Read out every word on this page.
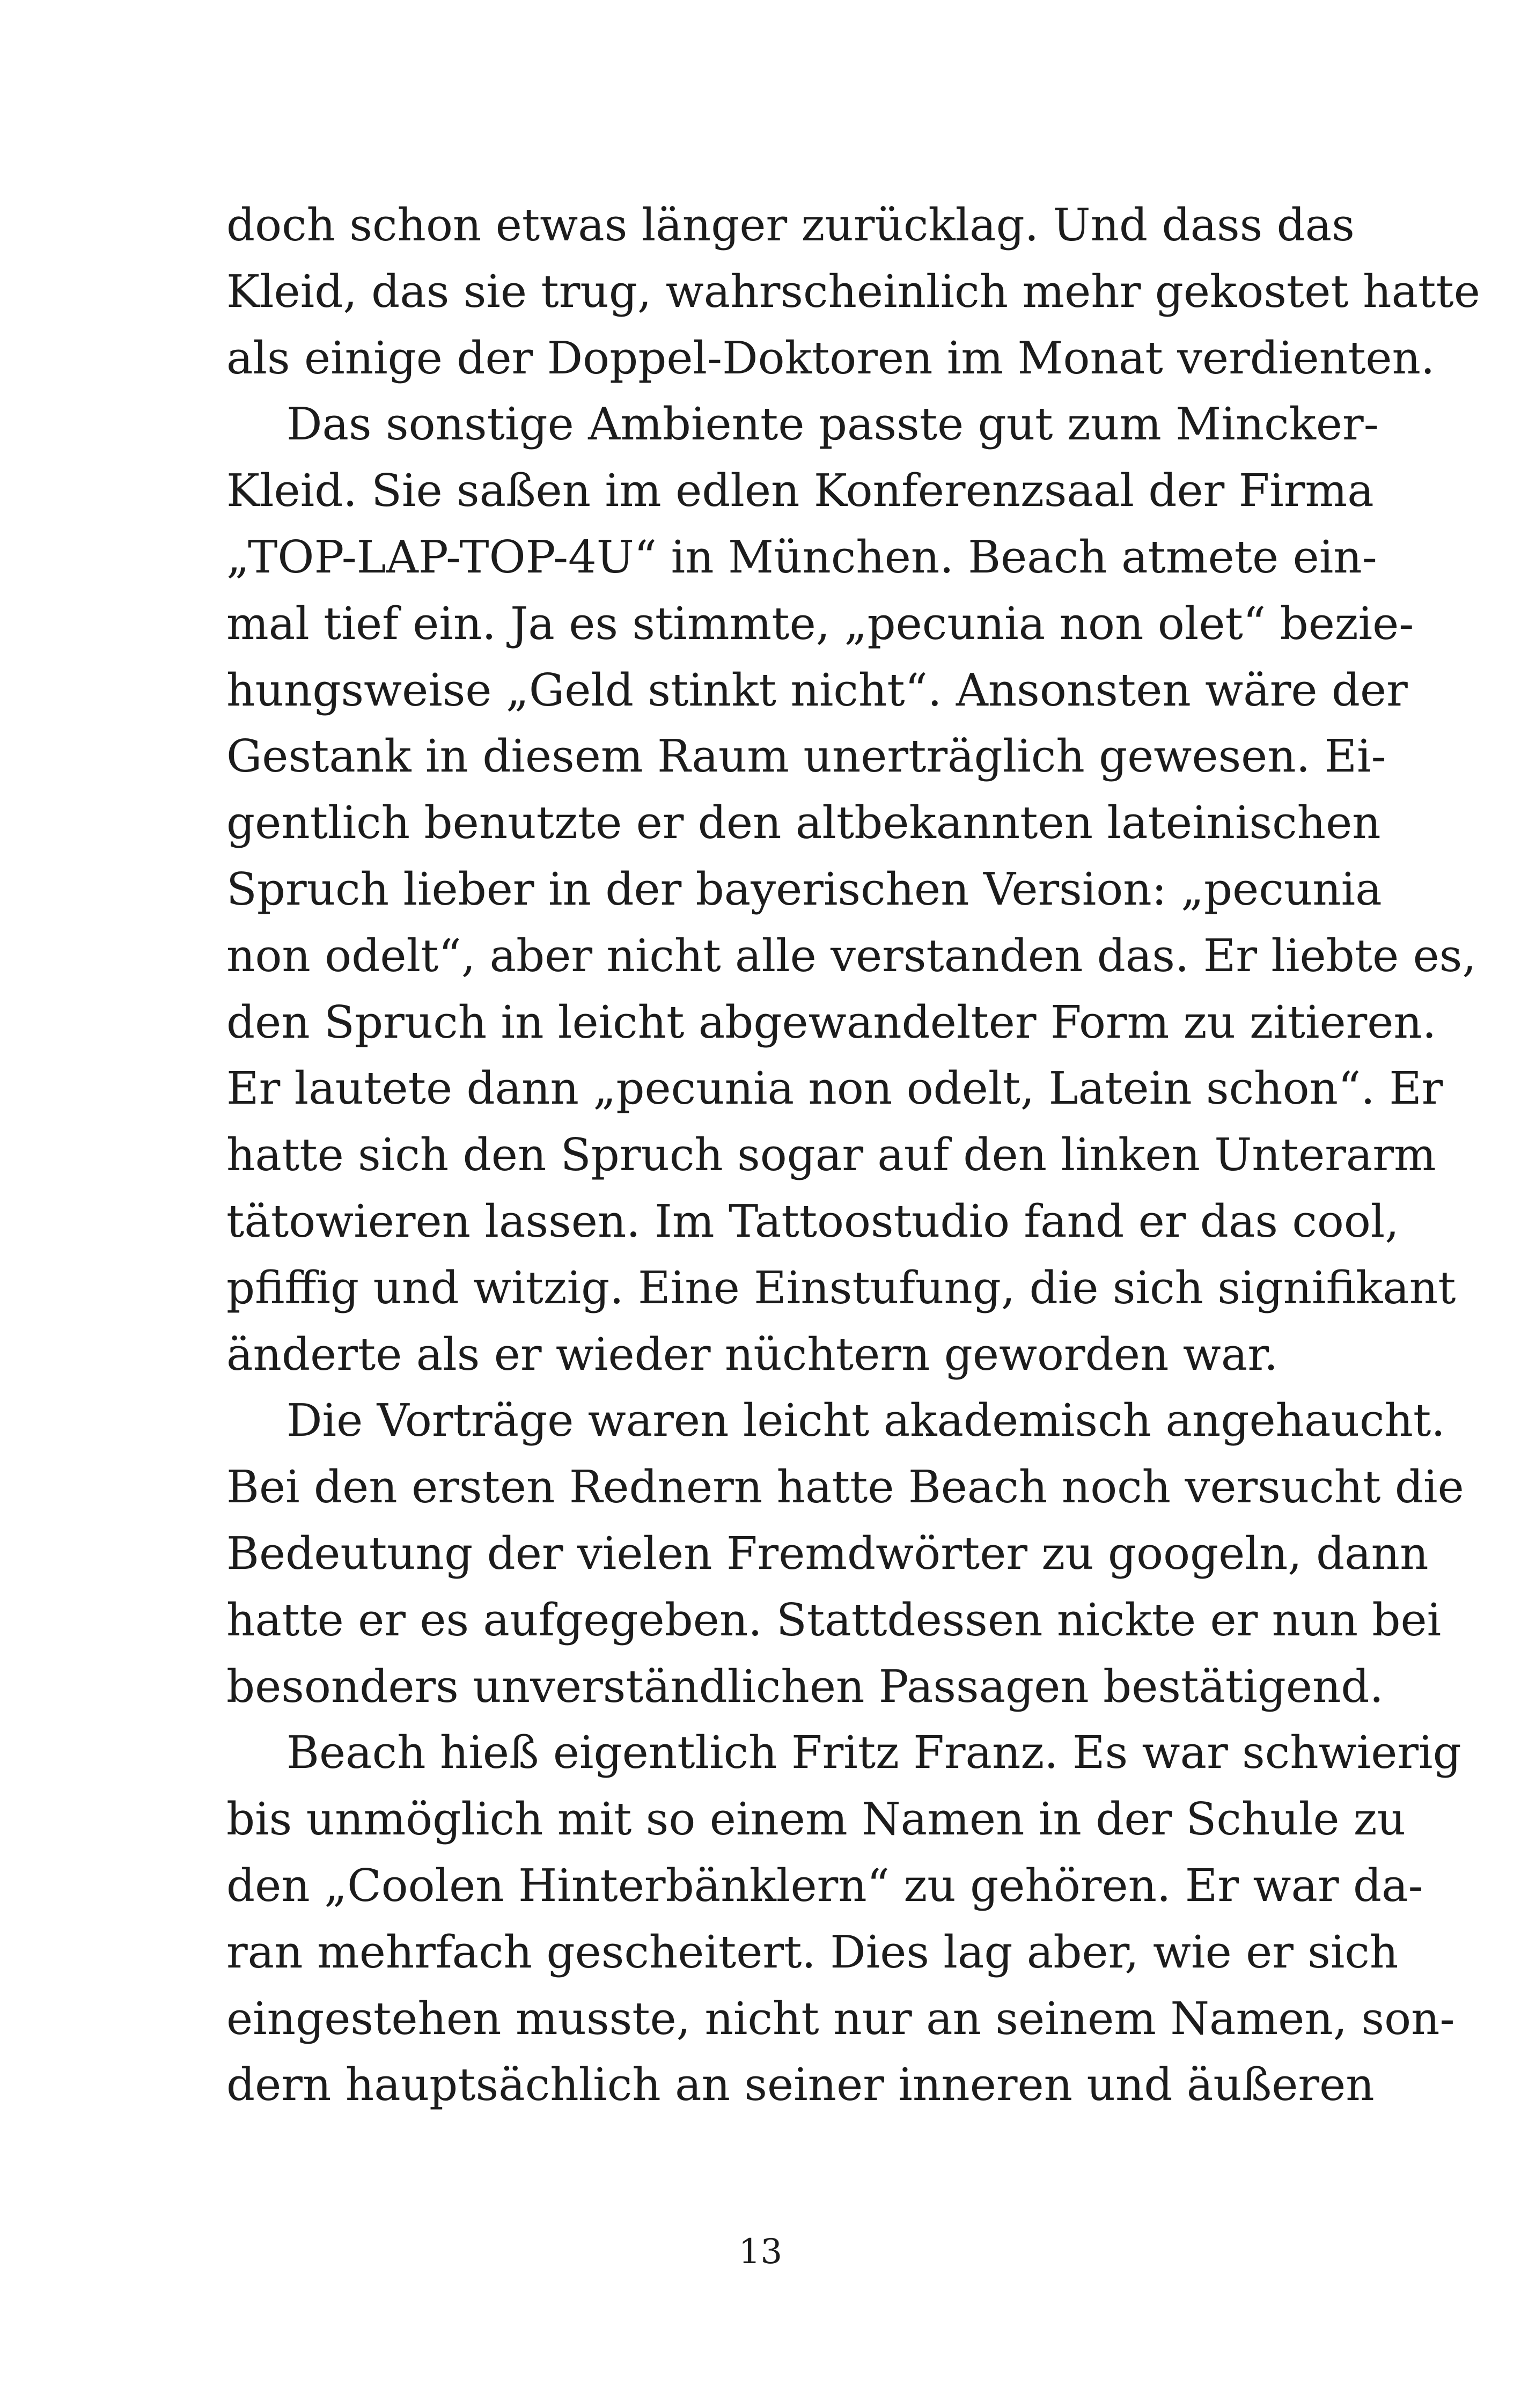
doch schon etwas länger zurücklag. Und dass das
Kleid, das sie trug, wahrscheinlich mehr gekostet hatte
als einige der Doppel-Doktoren im Monat verdienten.
Das sonstige Ambiente passte gut zum Mincker-
Kleid. Sie saßen im edlen Konferenzsaal der Firma
„TOP-LAP-TOP-4U“ in München. Beach atmete ein-
mal tief ein. Ja es stimmte, „pecunia non olet“ bezie-
hungsweise „Geld stinkt nicht“. Ansonsten wäre der
Gestank in diesem Raum unerträglich gewesen. Ei-
gentlich benutzte er den altbekannten lateinischen
Spruch lieber in der bayerischen Version: „pecunia
non odelt“, aber nicht alle verstanden das. Er liebte es,
den Spruch in leicht abgewandelter Form zu zitieren.
Er lautete dann „pecunia non odelt, Latein schon“. Er
hatte sich den Spruch sogar auf den linken Unterarm
tätowieren lassen. Im Tattoostudio fand er das cool,
pfiffig und witzig. Eine Einstufung, die sich signifikant
änderte als er wieder nüchtern geworden war.
Die Vorträge waren leicht akademisch angehaucht.
Bei den ersten Rednern hatte Beach noch versucht die
Bedeutung der vielen Fremdwörter zu googeln, dann
hatte er es aufgegeben. Stattdessen nickte er nun bei
besonders unverständlichen Passagen bestätigend.
Beach hieß eigentlich Fritz Franz. Es war schwierig
bis unmöglich mit so einem Namen in der Schule zu
den „Coolen Hinterbänklern“ zu gehören. Er war da-
ran mehrfach gescheitert. Dies lag aber, wie er sich
eingestehen musste, nicht nur an seinem Namen, son-
dern hauptsächlich an seiner inneren und äußeren
13
